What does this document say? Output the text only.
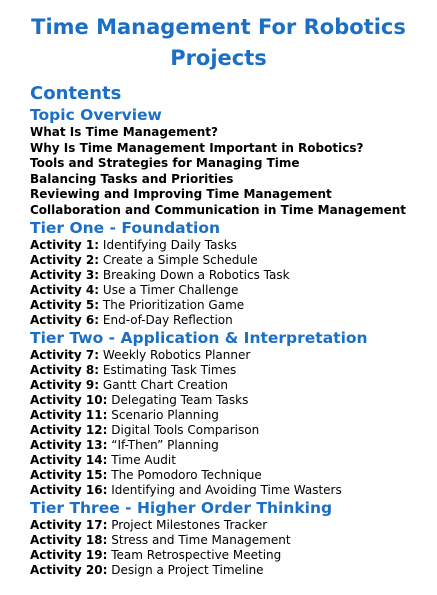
Time Management For Robotics Projects
Contents
Topic Overview
What Is Time Management?
Why Is Time Management Important in Robotics?
Tools and Strategies for Managing Time
Balancing Tasks and Priorities
Reviewing and Improving Time Management
Collaboration and Communication in Time Management
Tier One - Foundation
Activity 1: Identifying Daily Tasks
Activity 2: Create a Simple Schedule
Activity 3: Breaking Down a Robotics Task
Activity 4: Use a Timer Challenge
Activity 5: The Prioritization Game
Activity 6: End-of-Day Reflection
Tier Two - Application & Interpretation
Activity 7: Weekly Robotics Planner
Activity 8: Estimating Task Times
Activity 9: Gantt Chart Creation
Activity 10: Delegating Team Tasks
Activity 11: Scenario Planning
Activity 12: Digital Tools Comparison
Activity 13: “If-Then” Planning
Activity 14: Time Audit
Activity 15: The Pomodoro Technique
Activity 16: Identifying and Avoiding Time Wasters
Tier Three - Higher Order Thinking
Activity 17: Project Milestones Tracker
Activity 18: Stress and Time Management
Activity 19: Team Retrospective Meeting
Activity 20: Design a Project Timeline
